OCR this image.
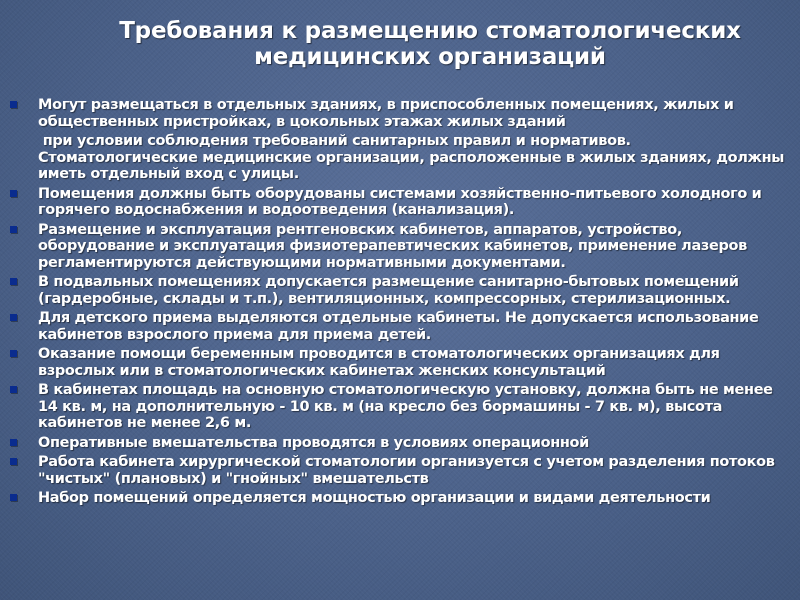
Требования к размещению стоматологических
медицинских организаций
Могут размещаться в отдельных зданиях, в приспособленных помещениях, жилых и общественных пристройках, в цокольных этажах жилых зданий
при условии соблюдения требований санитарных правил и нормативов. Стоматологические медицинские организации, расположенные в жилых зданиях, должны иметь отдельный вход с улицы.
Помещения должны быть оборудованы системами хозяйственно-питьевого холодного и горячего водоснабжения и водоотведения (канализация).
Размещение и эксплуатация рентгеновских кабинетов, аппаратов, устройство, оборудование и эксплуатация физиотерапевтических кабинетов, применение лазеров регламентируются действующими нормативными документами.
В подвальных помещениях допускается размещение санитарно-бытовых помещений (гардеробные, склады и т.п.), вентиляционных, компрессорных, стерилизационных.
Для детского приема выделяются отдельные кабинеты. Не допускается использование кабинетов взрослого приема для приема детей.
Оказание помощи беременным проводится в стоматологических организациях для взрослых или в стоматологических кабинетах женских консультаций
В кабинетах площадь на основную стоматологическую установку, должна быть не менее 14 кв. м, на дополнительную - 10 кв. м (на кресло без бормашины - 7 кв. м), высота кабинетов не менее 2,6 м.
Оперативные вмешательства проводятся в условиях операционной
Работа кабинета хирургической стоматологии организуется с учетом разделения потоков "чистых" (плановых) и "гнойных" вмешательств
Набор помещений определяется мощностью организации и видами деятельности
